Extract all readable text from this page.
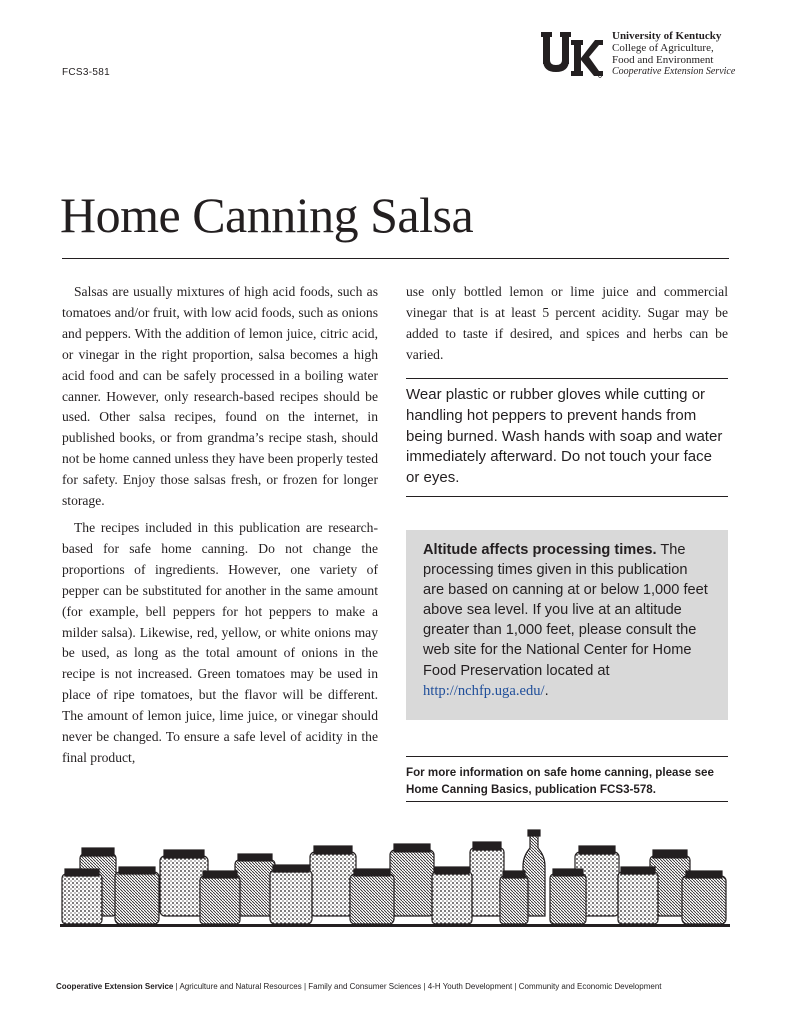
FCS3-581
University of Kentucky
College of Agriculture,
Food and Environment
Cooperative Extension Service
Home Canning Salsa

Salsas are usually mixtures of high acid foods, such as tomatoes and/or fruit, with low acid foods, such as onions and peppers. With the addition of lemon juice, citric acid, or vinegar in the right proportion, salsa becomes a high acid food and can be safely processed in a boiling water canner. However, only research-based recipes should be used. Other salsa recipes, found on the internet, in published books, or from grandma’s recipe stash, should not be home canned unless they have been properly tested for safety. Enjoy those salsas fresh, or frozen for longer storage.

The recipes included in this publication are research-based for safe home canning. Do not change the proportions of ingredients. However, one variety of pepper can be substituted for another in the same amount (for example, bell peppers for hot peppers to make a milder salsa). Likewise, red, yellow, or white onions may be used, as long as the total amount of onions in the recipe is not increased. Green tomatoes may be used in place of ripe tomatoes, but the flavor will be different. The amount of lemon juice, lime juice, or vinegar should never be changed. To ensure a safe level of acidity in the final product,

use only bottled lemon or lime juice and commercial vinegar that is at least 5 percent acidity. Sugar may be added to taste if desired, and spices and herbs can be varied.

Wear plastic or rubber gloves while cutting or handling hot peppers to prevent hands from being burned. Wash hands with soap and water immediately afterward. Do not touch your face or eyes.
Altitude affects processing times. The processing times given in this publication are based on canning at or below 1,000 feet above sea level. If you live at an altitude greater than 1,000 feet, please consult the web site for the National Center for Home Food Preservation located at http://nchfp.uga.edu/.
For more information on safe home canning, please see Home Canning Basics, publication FCS3-578.
Cooperative Extension Service | Agriculture and Natural Resources | Family and Consumer Sciences | 4-H Youth Development | Community and Economic Development
